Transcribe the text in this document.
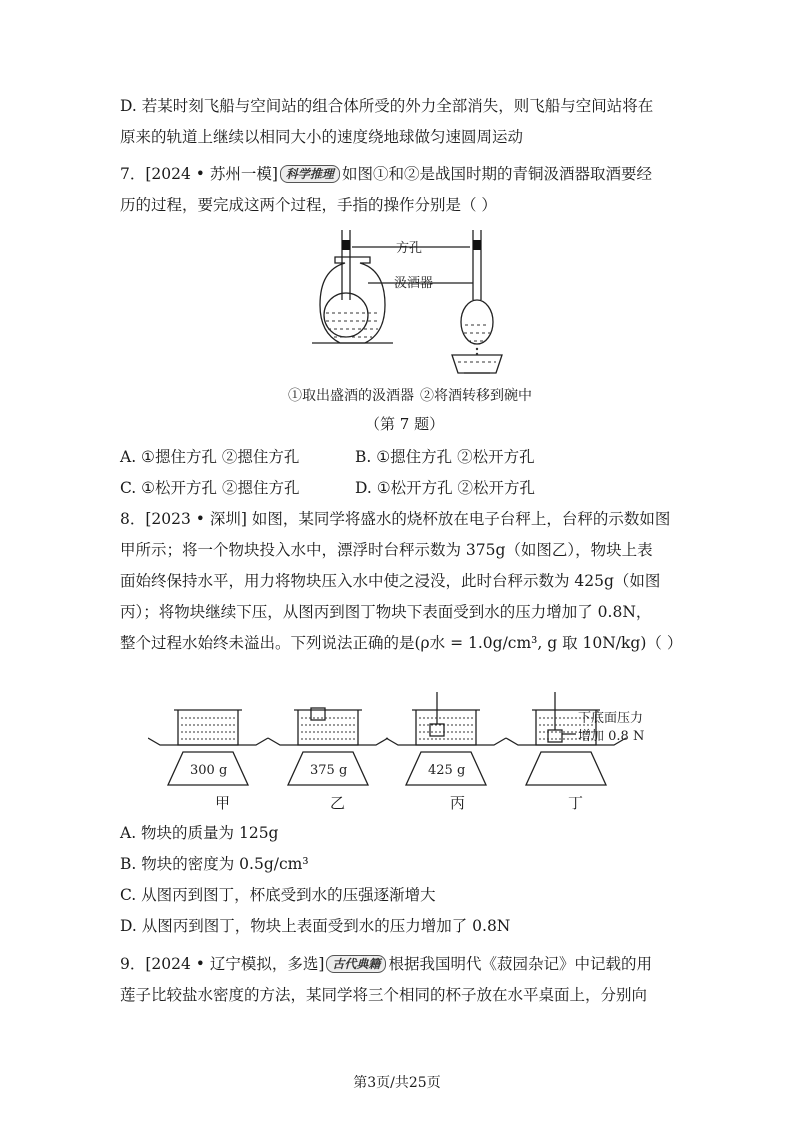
D. 若某时刻飞船与空间站的组合体所受的外力全部消失，则飞船与空间站将在
原来的轨道上继续以相同大小的速度绕地球做匀速圆周运动
7．[2024 • 苏州一模] 科学推理 如图①和②是战国时期的青铜汲酒器取酒要经
历的过程，要完成这两个过程，手指的操作分别是（ ）
方孔
汲酒器
①取出盛酒的汲酒器 ②将酒转移到碗中
（第 7 题）
A. ①摁住方孔 ②摁住方孔	B. ①摁住方孔 ②松开方孔
C. ①松开方孔 ②摁住方孔	D. ①松开方孔 ②松开方孔
8．[2023 • 深圳] 如图，某同学将盛水的烧杯放在电子台秤上，台秤的示数如图
甲所示；将一个物块投入水中，漂浮时台秤示数为 375g（如图乙），物块上表
面始终保持水平，用力将物块压入水中使之浸没，此时台秤示数为 425g（如图
丙）；将物块继续下压，从图丙到图丁物块下表面受到水的压力增加了 0.8N，
整个过程水始终未溢出。下列说法正确的是(ρ水 = 1.0g/cm³, g 取 10N/kg)（ ）
300 g	375 g	425 g
下底面压力
增加 0.8 N
甲	乙	丙	丁
A. 物块的质量为 125g
B. 物块的密度为 0.5g/cm³
C. 从图丙到图丁，杯底受到水的压强逐渐增大
D. 从图丙到图丁，物块上表面受到水的压力增加了 0.8N
9．[2024 • 辽宁模拟，多选] 古代典籍 根据我国明代《菽园杂记》中记载的用
莲子比较盐水密度的方法，某同学将三个相同的杯子放在水平桌面上，分别向
第3页/共25页
